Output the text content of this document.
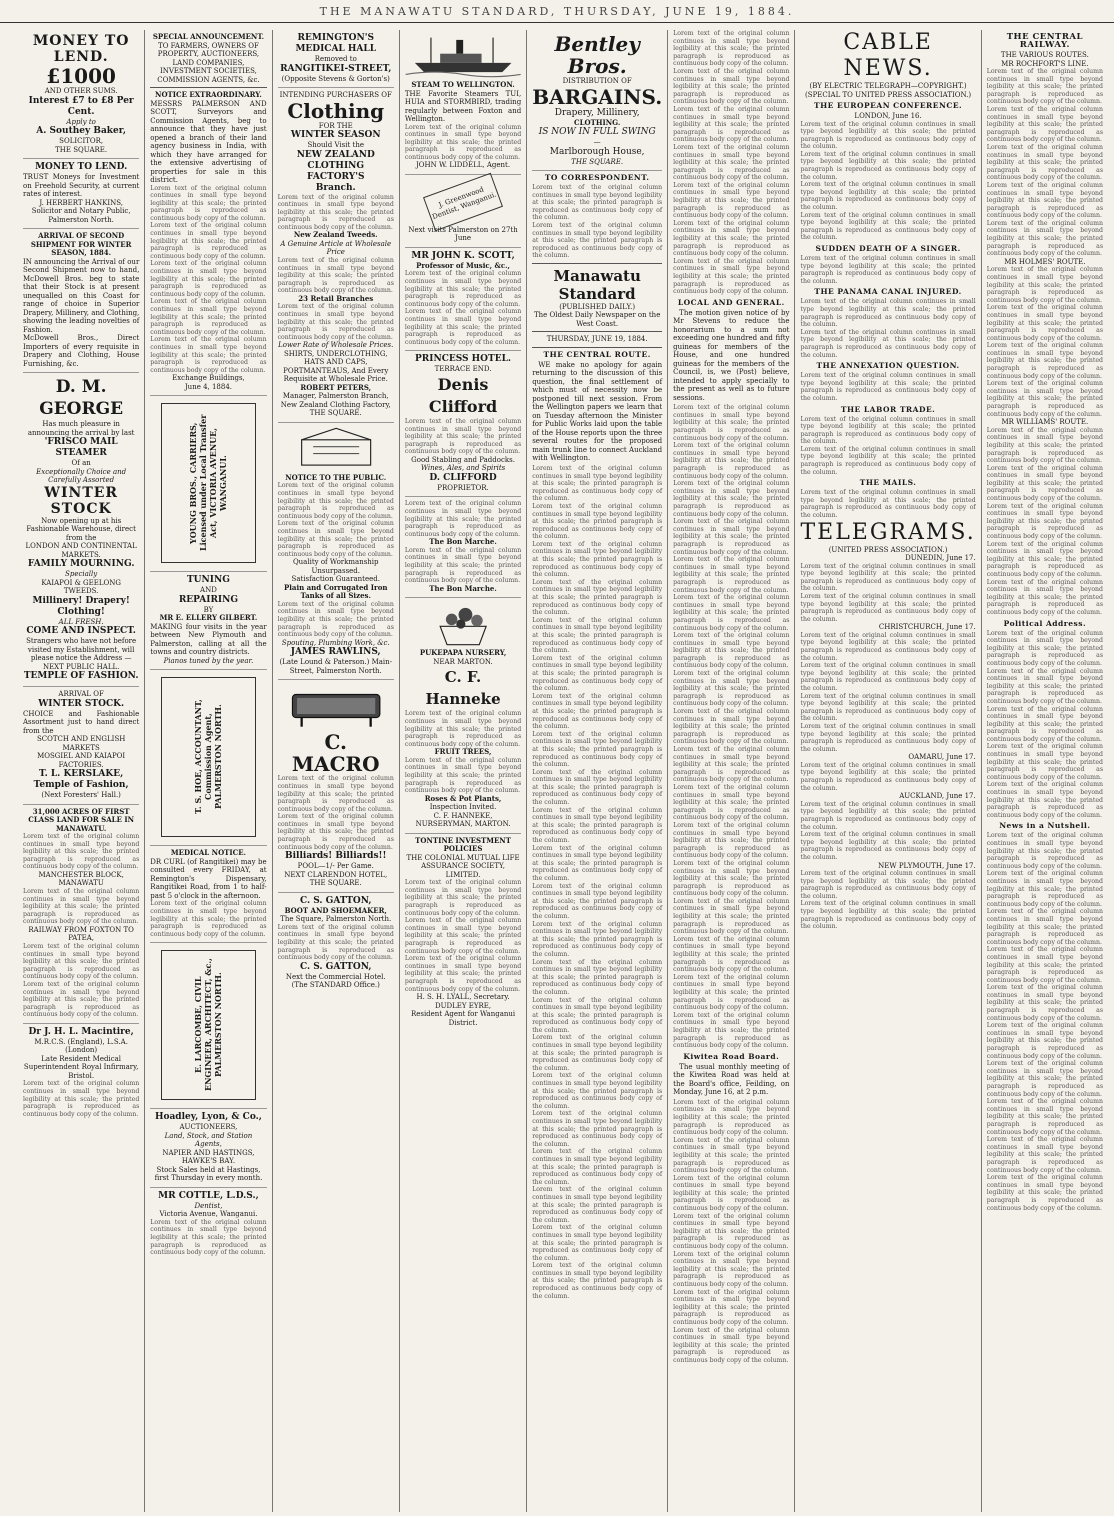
THE MANAWATU STANDARD, THURSDAY, JUNE 19, 1884.
MONEY TO LEND.
£1000
AND OTHER SUMS.
Interest £7 to £8 Per Cent.
Apply to
A. Southey Baker,
SOLICITOR,
THE SQUARE.
MONEY TO LEND.
TRUST Moneys for Investment on Freehold Security, at current rates of interest.
J. HERBERT HANKINS,
Solicitor and Notary Public, Palmerston North.
ARRIVAL OF SECOND SHIPMENT FOR WINTER SEASON, 1884.
IN announcing the Arrival of our Second Shipment now to hand, McDowell Bros. beg to state that their Stock is at present unequalled on this Coast for range of choice in Superior Drapery, Millinery, and Clothing, showing the leading novelties of Fashion.
McDowell Bros., Direct Importers of every requisite in Drapery and Clothing, House Furnishing, &c.
D. M. GEORGE
Has much pleasure in announcing the arrival by last
'FRISCO MAIL STEAMER
Of an
Exceptionally Choice and Carefully Assorted
WINTER STOCK
Now opening up at his Fashionable Warehouse, direct from the
LONDON AND CONTINENTAL MARKETS.
FAMILY MOURNING.
Specially
KAIAPOI & GEELONG TWEEDS.
Millinery! Drapery! Clothing!
ALL FRESH.
COME AND INSPECT.
Strangers who have not before visited my Establishment, will please notice the Address —
NEXT PUBLIC HALL.
TEMPLE OF FASHION.
ARRIVAL OF
WINTER STOCK.
CHOICE and Fashionable Assortment just to hand direct from the
SCOTCH AND ENGLISH MARKETS
MOSGIEL AND KAIAPOI FACTORIES.
T. L. KERSLAKE,
Temple of Fashion,
(Next Foresters' Hall.)
31,000 ACRES OF FIRST CLASS LAND FOR SALE IN MANAWATU.
Lorem text of the original column continues in small type beyond legibility at this scale; the printed paragraph is reproduced as continuous body copy of the column.
MANCHESTER BLOCK, MANAWATU
Lorem text of the original column continues in small type beyond legibility at this scale; the printed paragraph is reproduced as continuous body copy of the column.
RAILWAY FROM FOXTON TO PATEA,
Lorem text of the original column continues in small type beyond legibility at this scale; the printed paragraph is reproduced as continuous body copy of the column.
Lorem text of the original column continues in small type beyond legibility at this scale; the printed paragraph is reproduced as continuous body copy of the column.
Dr J. H. L. Macintire,
M.R.C.S. (England), L.S.A. (London)
Late Resident Medical Superintendent Royal Infirmary, Bristol.
Lorem text of the original column continues in small type beyond legibility at this scale; the printed paragraph is reproduced as continuous body copy of the column.
SPECIAL ANNOUNCEMENT.
TO FARMERS, OWNERS OF PROPERTY, AUCTIONEERS, LAND COMPANIES, INVESTMENT SOCIETIES, COMMISSION AGENTS, &c.
NOTICE EXTRAORDINARY.
MESSRS PALMERSON AND SCOTT, Surveyors and Commission Agents, beg to announce that they have just opened a branch of their land agency business in India, with which they have arranged for the extensive advertising of properties for sale in this district.
Lorem text of the original column continues in small type beyond legibility at this scale; the printed paragraph is reproduced as continuous body copy of the column.
Lorem text of the original column continues in small type beyond legibility at this scale; the printed paragraph is reproduced as continuous body copy of the column.
Lorem text of the original column continues in small type beyond legibility at this scale; the printed paragraph is reproduced as continuous body copy of the column.
Lorem text of the original column continues in small type beyond legibility at this scale; the printed paragraph is reproduced as continuous body copy of the column.
Lorem text of the original column continues in small type beyond legibility at this scale; the printed paragraph is reproduced as continuous body copy of the column.
Exchange Buildings,
June 4, 1884.
YOUNG BROS., CARRIERS, Licensed under Local Transfer Act, VICTORIA AVENUE, WANGANUI.
TUNING
AND
REPAIRING
BY
MR E. ELLERY GILBERT.
MAKING four visits in the year between New Plymouth and Palmerston, calling at all the towns and country districts.
Pianos tuned by the year.
T. S. HOE, ACCOUNTANT, Commission Agent, PALMERSTON NORTH.
MEDICAL NOTICE.
DR CURL (of Rangitikei) may be consulted every FRIDAY, at Remington's Dispensary, Rangitikei Road, from 1 to half-past 5 o'clock in the afternoon.
Lorem text of the original column continues in small type beyond legibility at this scale; the printed paragraph is reproduced as continuous body copy of the column.
E. LARCOMBE, CIVIL ENGINEER, ARCHITECT, &c., PALMERSTON NORTH.
Hoadley, Lyon, & Co.,
AUCTIONEERS,
Land, Stock, and Station Agents,
NAPIER AND HASTINGS,
HAWKE'S BAY.
Stock Sales held at Hastings, first Thursday in every month.
MR COTTLE, L.D.S.,
Dentist,
Victoria Avenue, Wanganui.
Lorem text of the original column continues in small type beyond legibility at this scale; the printed paragraph is reproduced as continuous body copy of the column.
REMINGTON'S
MEDICAL HALL
Removed to
RANGITIKEI-STREET,
(Opposite Stevens & Gorton's)
INTENDING PURCHASERS OF
Clothing
FOR THE
WINTER SEASON
Should Visit the
NEW ZEALAND
CLOTHING FACTORY'S
Branch.
Lorem text of the original column continues in small type beyond legibility at this scale; the printed paragraph is reproduced as continuous body copy of the column.
New Zealand Tweeds.
A Genuine Article at Wholesale Price
Lorem text of the original column continues in small type beyond legibility at this scale; the printed paragraph is reproduced as continuous body copy of the column.
23 Retail Branches
Lorem text of the original column continues in small type beyond legibility at this scale; the printed paragraph is reproduced as continuous body copy of the column.
Lower Rate of Wholesale Prices.
SHIRTS, UNDERCLOTHING, HATS AND CAPS, PORTMANTEAUS, And Every Requisite at Wholesale Price.
ROBERT PETERS,
Manager, Palmerston Branch, New Zealand Clothing Factory, THE SQUARE.
NOTICE TO THE PUBLIC.
Lorem text of the original column continues in small type beyond legibility at this scale; the printed paragraph is reproduced as continuous body copy of the column.
Lorem text of the original column continues in small type beyond legibility at this scale; the printed paragraph is reproduced as continuous body copy of the column.
Quality of Workmanship Unsurpassed.
Satisfaction Guaranteed.
Plain and Corrugated Iron Tanks of all Sizes.
Lorem text of the original column continues in small type beyond legibility at this scale; the printed paragraph is reproduced as continuous body copy of the column.
Spouting, Plumbing Work, &c.
JAMES RAWLINS,
(Late Lound & Paterson.) Main-Street, Palmerston North.
C. MACRO
Lorem text of the original column continues in small type beyond legibility at this scale; the printed paragraph is reproduced as continuous body copy of the column.
Lorem text of the original column continues in small type beyond legibility at this scale; the printed paragraph is reproduced as continuous body copy of the column.
Billiards! Billiards!!
POOL—1/- Per Game.
NEXT CLARENDON HOTEL,
THE SQUARE.
C. S. GATTON,
BOOT AND SHOEMAKER,
The Square, Palmerston North.
Lorem text of the original column continues in small type beyond legibility at this scale; the printed paragraph is reproduced as continuous body copy of the column.
C. S. GATTON,
Next the Commercial Hotel.
(The STANDARD Office.)
STEAM TO WELLINGTON.
THE Favorite Steamers TUI, HUIA and STORMBIRD, trading regularly between Foxton and Wellington.
Lorem text of the original column continues in small type beyond legibility at this scale; the printed paragraph is reproduced as continuous body copy of the column.
JOHN W. LIDDELL, Agent.
J. Greenwood Dentist, Wanganui.
Next visits Palmerston on 27th June
MR JOHN K. SCOTT,
Professor of Music, &c.,
Lorem text of the original column continues in small type beyond legibility at this scale; the printed paragraph is reproduced as continuous body copy of the column.
Lorem text of the original column continues in small type beyond legibility at this scale; the printed paragraph is reproduced as continuous body copy of the column.
PRINCESS HOTEL.
TERRACE END.
Denis Clifford
Lorem text of the original column continues in small type beyond legibility at this scale; the printed paragraph is reproduced as continuous body copy of the column.
Good Stabling and Paddocks.
Wines, Ales, and Spirits
D. CLIFFORD
PROPRIETOR.
Lorem text of the original column continues in small type beyond legibility at this scale; the printed paragraph is reproduced as continuous body copy of the column.
The Bon Marche.
Lorem text of the original column continues in small type beyond legibility at this scale; the printed paragraph is reproduced as continuous body copy of the column.
The Bon Marche.
PUKEPAPA NURSERY,
NEAR MARTON.
C. F. Hanneke
Lorem text of the original column continues in small type beyond legibility at this scale; the printed paragraph is reproduced as continuous body copy of the column.
FRUIT TREES,
Lorem text of the original column continues in small type beyond legibility at this scale; the printed paragraph is reproduced as continuous body copy of the column.
Roses & Pot Plants,
Inspection Invited.
C. F. HANNEKE,
NURSERYMAN, MARTON.
TONTINE INVESTMENT POLICIES
THE COLONIAL MUTUAL LIFE ASSURANCE SOCIETY, LIMITED.
Lorem text of the original column continues in small type beyond legibility at this scale; the printed paragraph is reproduced as continuous body copy of the column.
Lorem text of the original column continues in small type beyond legibility at this scale; the printed paragraph is reproduced as continuous body copy of the column.
Lorem text of the original column continues in small type beyond legibility at this scale; the printed paragraph is reproduced as continuous body copy of the column.
H. S. H. LYALL, Secretary.
DUDLEY EYRE,
Resident Agent for Wanganui District.
Bentley Bros.
DISTRIBUTION OF
BARGAINS.
Drapery, Millinery,
CLOTHING.
IS NOW IN FULL SWING
—
Marlborough House,
THE SQUARE.
TO CORRESPONDENT.
Lorem text of the original column continues in small type beyond legibility at this scale; the printed paragraph is reproduced as continuous body copy of the column.
Lorem text of the original column continues in small type beyond legibility at this scale; the printed paragraph is reproduced as continuous body copy of the column.
Manawatu Standard
(PUBLISHED DAILY.)
The Oldest Daily Newspaper on the West Coast.
THURSDAY, JUNE 19, 1884.
THE CENTRAL ROUTE.

WE make no apology for again returning to the discussion of this question, the final settlement of which must of necessity now be postponed till next session. From the Wellington papers we learn that on Tuesday afternoon the Minister for Public Works laid upon the table of the House reports upon the three several routes for the proposed main trunk line to connect Auckland with Wellington.

Lorem text of the original column continues in small type beyond legibility at this scale; the printed paragraph is reproduced as continuous body copy of the column.
Lorem text of the original column continues in small type beyond legibility at this scale; the printed paragraph is reproduced as continuous body copy of the column.
Lorem text of the original column continues in small type beyond legibility at this scale; the printed paragraph is reproduced as continuous body copy of the column.
Lorem text of the original column continues in small type beyond legibility at this scale; the printed paragraph is reproduced as continuous body copy of the column.
Lorem text of the original column continues in small type beyond legibility at this scale; the printed paragraph is reproduced as continuous body copy of the column.
Lorem text of the original column continues in small type beyond legibility at this scale; the printed paragraph is reproduced as continuous body copy of the column.
Lorem text of the original column continues in small type beyond legibility at this scale; the printed paragraph is reproduced as continuous body copy of the column.
Lorem text of the original column continues in small type beyond legibility at this scale; the printed paragraph is reproduced as continuous body copy of the column.
Lorem text of the original column continues in small type beyond legibility at this scale; the printed paragraph is reproduced as continuous body copy of the column.
Lorem text of the original column continues in small type beyond legibility at this scale; the printed paragraph is reproduced as continuous body copy of the column.
Lorem text of the original column continues in small type beyond legibility at this scale; the printed paragraph is reproduced as continuous body copy of the column.
Lorem text of the original column continues in small type beyond legibility at this scale; the printed paragraph is reproduced as continuous body copy of the column.
Lorem text of the original column continues in small type beyond legibility at this scale; the printed paragraph is reproduced as continuous body copy of the column.
Lorem text of the original column continues in small type beyond legibility at this scale; the printed paragraph is reproduced as continuous body copy of the column.
Lorem text of the original column continues in small type beyond legibility at this scale; the printed paragraph is reproduced as continuous body copy of the column.
Lorem text of the original column continues in small type beyond legibility at this scale; the printed paragraph is reproduced as continuous body copy of the column.
Lorem text of the original column continues in small type beyond legibility at this scale; the printed paragraph is reproduced as continuous body copy of the column.
Lorem text of the original column continues in small type beyond legibility at this scale; the printed paragraph is reproduced as continuous body copy of the column.
Lorem text of the original column continues in small type beyond legibility at this scale; the printed paragraph is reproduced as continuous body copy of the column.
Lorem text of the original column continues in small type beyond legibility at this scale; the printed paragraph is reproduced as continuous body copy of the column.
Lorem text of the original column continues in small type beyond legibility at this scale; the printed paragraph is reproduced as continuous body copy of the column.
Lorem text of the original column continues in small type beyond legibility at this scale; the printed paragraph is reproduced as continuous body copy of the column.
Lorem text of the original column continues in small type beyond legibility at this scale; the printed paragraph is reproduced as continuous body copy of the column.
Lorem text of the original column continues in small type beyond legibility at this scale; the printed paragraph is reproduced as continuous body copy of the column.
Lorem text of the original column continues in small type beyond legibility at this scale; the printed paragraph is reproduced as continuous body copy of the column.
Lorem text of the original column continues in small type beyond legibility at this scale; the printed paragraph is reproduced as continuous body copy of the column.
Lorem text of the original column continues in small type beyond legibility at this scale; the printed paragraph is reproduced as continuous body copy of the column.
Lorem text of the original column continues in small type beyond legibility at this scale; the printed paragraph is reproduced as continuous body copy of the column.
Lorem text of the original column continues in small type beyond legibility at this scale; the printed paragraph is reproduced as continuous body copy of the column.
LOCAL AND GENERAL.

The motion given notice of by Mr Stevens to reduce the honorarium to a sum not exceeding one hundred and fifty guineas for members of the House, and one hundred guineas for the members of the Council, is, we (Post) believe, intended to apply specially to the present as well as to future sessions.

Lorem text of the original column continues in small type beyond legibility at this scale; the printed paragraph is reproduced as continuous body copy of the column.
Lorem text of the original column continues in small type beyond legibility at this scale; the printed paragraph is reproduced as continuous body copy of the column.
Lorem text of the original column continues in small type beyond legibility at this scale; the printed paragraph is reproduced as continuous body copy of the column.
Lorem text of the original column continues in small type beyond legibility at this scale; the printed paragraph is reproduced as continuous body copy of the column.
Lorem text of the original column continues in small type beyond legibility at this scale; the printed paragraph is reproduced as continuous body copy of the column.
Lorem text of the original column continues in small type beyond legibility at this scale; the printed paragraph is reproduced as continuous body copy of the column.
Lorem text of the original column continues in small type beyond legibility at this scale; the printed paragraph is reproduced as continuous body copy of the column.
Lorem text of the original column continues in small type beyond legibility at this scale; the printed paragraph is reproduced as continuous body copy of the column.
Lorem text of the original column continues in small type beyond legibility at this scale; the printed paragraph is reproduced as continuous body copy of the column.
Lorem text of the original column continues in small type beyond legibility at this scale; the printed paragraph is reproduced as continuous body copy of the column.
Lorem text of the original column continues in small type beyond legibility at this scale; the printed paragraph is reproduced as continuous body copy of the column.
Lorem text of the original column continues in small type beyond legibility at this scale; the printed paragraph is reproduced as continuous body copy of the column.
Lorem text of the original column continues in small type beyond legibility at this scale; the printed paragraph is reproduced as continuous body copy of the column.
Lorem text of the original column continues in small type beyond legibility at this scale; the printed paragraph is reproduced as continuous body copy of the column.
Lorem text of the original column continues in small type beyond legibility at this scale; the printed paragraph is reproduced as continuous body copy of the column.
Lorem text of the original column continues in small type beyond legibility at this scale; the printed paragraph is reproduced as continuous body copy of the column.
Lorem text of the original column continues in small type beyond legibility at this scale; the printed paragraph is reproduced as continuous body copy of the column.
Kiwitea Road Board.

The usual monthly meeting of the Kiwitea Road was held at the Board's office, Feilding, on Monday, June 16, at 2 p.m.

Lorem text of the original column continues in small type beyond legibility at this scale; the printed paragraph is reproduced as continuous body copy of the column.
Lorem text of the original column continues in small type beyond legibility at this scale; the printed paragraph is reproduced as continuous body copy of the column.
Lorem text of the original column continues in small type beyond legibility at this scale; the printed paragraph is reproduced as continuous body copy of the column.
Lorem text of the original column continues in small type beyond legibility at this scale; the printed paragraph is reproduced as continuous body copy of the column.
Lorem text of the original column continues in small type beyond legibility at this scale; the printed paragraph is reproduced as continuous body copy of the column.
Lorem text of the original column continues in small type beyond legibility at this scale; the printed paragraph is reproduced as continuous body copy of the column.
Lorem text of the original column continues in small type beyond legibility at this scale; the printed paragraph is reproduced as continuous body copy of the column.
CABLE NEWS.
(BY ELECTRIC TELEGRAPH—COPYRIGHT.)
(SPECIAL TO UNITED PRESS ASSOCIATION.)
THE EUROPEAN CONFERENCE.
LONDON, June 16.
Lorem text of the original column continues in small type beyond legibility at this scale; the printed paragraph is reproduced as continuous body copy of the column.
Lorem text of the original column continues in small type beyond legibility at this scale; the printed paragraph is reproduced as continuous body copy of the column.
Lorem text of the original column continues in small type beyond legibility at this scale; the printed paragraph is reproduced as continuous body copy of the column.
Lorem text of the original column continues in small type beyond legibility at this scale; the printed paragraph is reproduced as continuous body copy of the column.
SUDDEN DEATH OF A SINGER.
Lorem text of the original column continues in small type beyond legibility at this scale; the printed paragraph is reproduced as continuous body copy of the column.
THE PANAMA CANAL INJURED.
Lorem text of the original column continues in small type beyond legibility at this scale; the printed paragraph is reproduced as continuous body copy of the column.
Lorem text of the original column continues in small type beyond legibility at this scale; the printed paragraph is reproduced as continuous body copy of the column.
THE ANNEXATION QUESTION.
Lorem text of the original column continues in small type beyond legibility at this scale; the printed paragraph is reproduced as continuous body copy of the column.
THE LABOR TRADE.
Lorem text of the original column continues in small type beyond legibility at this scale; the printed paragraph is reproduced as continuous body copy of the column.
Lorem text of the original column continues in small type beyond legibility at this scale; the printed paragraph is reproduced as continuous body copy of the column.
THE MAILS.
Lorem text of the original column continues in small type beyond legibility at this scale; the printed paragraph is reproduced as continuous body copy of the column.
TELEGRAMS.
(UNITED PRESS ASSOCIATION.)
DUNEDIN, June 17.
Lorem text of the original column continues in small type beyond legibility at this scale; the printed paragraph is reproduced as continuous body copy of the column.
Lorem text of the original column continues in small type beyond legibility at this scale; the printed paragraph is reproduced as continuous body copy of the column.
CHRISTCHURCH, June 17.
Lorem text of the original column continues in small type beyond legibility at this scale; the printed paragraph is reproduced as continuous body copy of the column.
Lorem text of the original column continues in small type beyond legibility at this scale; the printed paragraph is reproduced as continuous body copy of the column.
Lorem text of the original column continues in small type beyond legibility at this scale; the printed paragraph is reproduced as continuous body copy of the column.
Lorem text of the original column continues in small type beyond legibility at this scale; the printed paragraph is reproduced as continuous body copy of the column.
OAMARU, June 17.
Lorem text of the original column continues in small type beyond legibility at this scale; the printed paragraph is reproduced as continuous body copy of the column.
AUCKLAND, June 17.
Lorem text of the original column continues in small type beyond legibility at this scale; the printed paragraph is reproduced as continuous body copy of the column.
Lorem text of the original column continues in small type beyond legibility at this scale; the printed paragraph is reproduced as continuous body copy of the column.
NEW PLYMOUTH, June 17.
Lorem text of the original column continues in small type beyond legibility at this scale; the printed paragraph is reproduced as continuous body copy of the column.
Lorem text of the original column continues in small type beyond legibility at this scale; the printed paragraph is reproduced as continuous body copy of the column.
THE CENTRAL RAILWAY.
THE VARIOUS ROUTES.
MR ROCHFORT'S LINE.
Lorem text of the original column continues in small type beyond legibility at this scale; the printed paragraph is reproduced as continuous body copy of the column.
Lorem text of the original column continues in small type beyond legibility at this scale; the printed paragraph is reproduced as continuous body copy of the column.
Lorem text of the original column continues in small type beyond legibility at this scale; the printed paragraph is reproduced as continuous body copy of the column.
Lorem text of the original column continues in small type beyond legibility at this scale; the printed paragraph is reproduced as continuous body copy of the column.
Lorem text of the original column continues in small type beyond legibility at this scale; the printed paragraph is reproduced as continuous body copy of the column.
MR HOLMES' ROUTE.
Lorem text of the original column continues in small type beyond legibility at this scale; the printed paragraph is reproduced as continuous body copy of the column.
Lorem text of the original column continues in small type beyond legibility at this scale; the printed paragraph is reproduced as continuous body copy of the column.
Lorem text of the original column continues in small type beyond legibility at this scale; the printed paragraph is reproduced as continuous body copy of the column.
Lorem text of the original column continues in small type beyond legibility at this scale; the printed paragraph is reproduced as continuous body copy of the column.
MR WILLIAMS' ROUTE.
Lorem text of the original column continues in small type beyond legibility at this scale; the printed paragraph is reproduced as continuous body copy of the column.
Lorem text of the original column continues in small type beyond legibility at this scale; the printed paragraph is reproduced as continuous body copy of the column.
Lorem text of the original column continues in small type beyond legibility at this scale; the printed paragraph is reproduced as continuous body copy of the column.
Lorem text of the original column continues in small type beyond legibility at this scale; the printed paragraph is reproduced as continuous body copy of the column.
Lorem text of the original column continues in small type beyond legibility at this scale; the printed paragraph is reproduced as continuous body copy of the column.
Political Address.
Lorem text of the original column continues in small type beyond legibility at this scale; the printed paragraph is reproduced as continuous body copy of the column.
Lorem text of the original column continues in small type beyond legibility at this scale; the printed paragraph is reproduced as continuous body copy of the column.
Lorem text of the original column continues in small type beyond legibility at this scale; the printed paragraph is reproduced as continuous body copy of the column.
Lorem text of the original column continues in small type beyond legibility at this scale; the printed paragraph is reproduced as continuous body copy of the column.
Lorem text of the original column continues in small type beyond legibility at this scale; the printed paragraph is reproduced as continuous body copy of the column.
News in a Nutshell.
Lorem text of the original column continues in small type beyond legibility at this scale; the printed paragraph is reproduced as continuous body copy of the column.
Lorem text of the original column continues in small type beyond legibility at this scale; the printed paragraph is reproduced as continuous body copy of the column.
Lorem text of the original column continues in small type beyond legibility at this scale; the printed paragraph is reproduced as continuous body copy of the column.
Lorem text of the original column continues in small type beyond legibility at this scale; the printed paragraph is reproduced as continuous body copy of the column.
Lorem text of the original column continues in small type beyond legibility at this scale; the printed paragraph is reproduced as continuous body copy of the column.
Lorem text of the original column continues in small type beyond legibility at this scale; the printed paragraph is reproduced as continuous body copy of the column.
Lorem text of the original column continues in small type beyond legibility at this scale; the printed paragraph is reproduced as continuous body copy of the column.
Lorem text of the original column continues in small type beyond legibility at this scale; the printed paragraph is reproduced as continuous body copy of the column.
Lorem text of the original column continues in small type beyond legibility at this scale; the printed paragraph is reproduced as continuous body copy of the column.
Lorem text of the original column continues in small type beyond legibility at this scale; the printed paragraph is reproduced as continuous body copy of the column.
